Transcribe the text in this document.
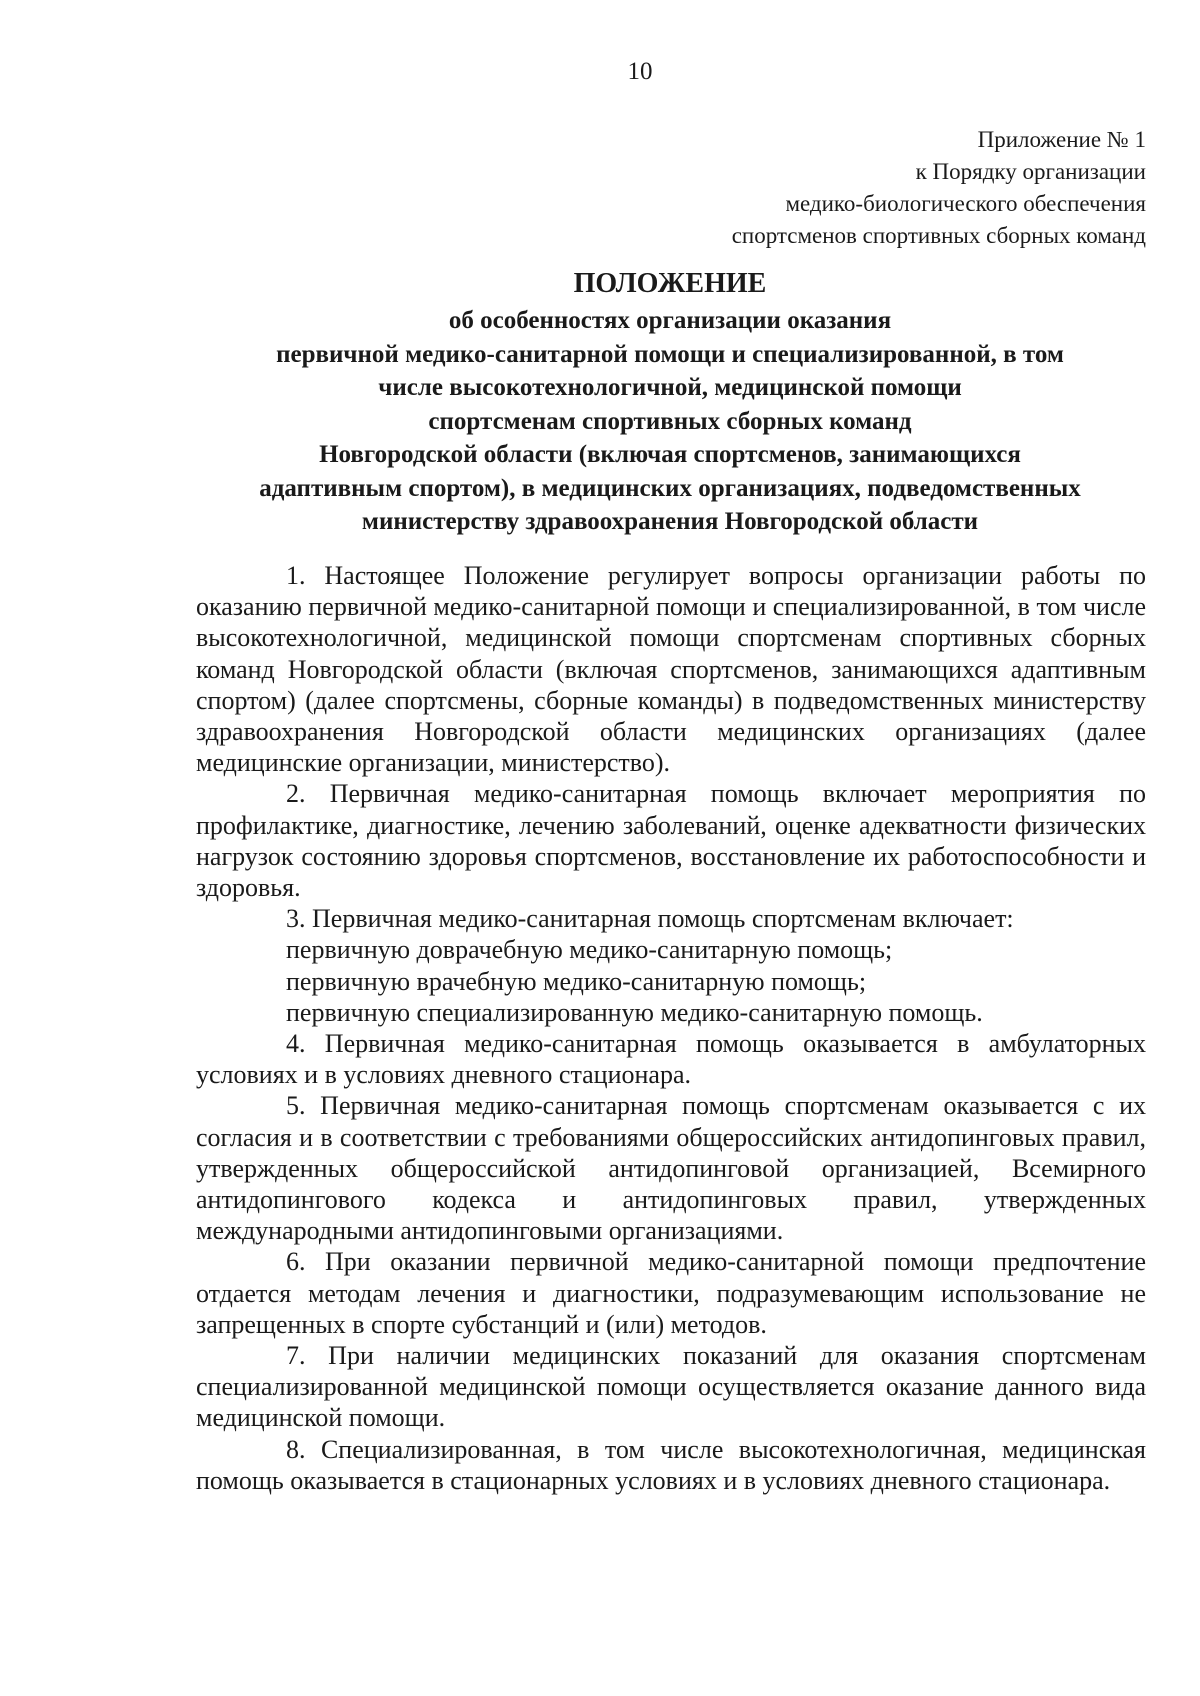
10
Приложение № 1
к Порядку организации
медико-биологического обеспечения
спортсменов спортивных сборных команд
ПОЛОЖЕНИЕ
об особенностях организации оказания
первичной медико-санитарной помощи и специализированной, в том
числе высокотехнологичной, медицинской помощи
спортсменам спортивных сборных команд
Новгородской области (включая спортсменов, занимающихся
адаптивным спортом), в медицинских организациях, подведомственных
министерству здравоохранения Новгородской области

1. Настоящее Положение регулирует вопросы организации работы по оказанию первичной медико-санитарной помощи и специализированной, в том числе высокотехнологичной, медицинской помощи спортсменам спортивных сборных команд Новгородской области (включая спортсменов, занимающихся адаптивным спортом) (далее спортсмены, сборные команды) в подведомственных министерству здравоохранения Новгородской области медицинских организациях (далее медицинские организации, министерство).

2. Первичная медико-санитарная помощь включает мероприятия по профилактике, диагностике, лечению заболеваний, оценке адекватности физических нагрузок состоянию здоровья спортсменов, восстановление их работоспособности и здоровья.

3. Первичная медико-санитарная помощь спортсменам включает:

первичную доврачебную медико-санитарную помощь;

первичную врачебную медико-санитарную помощь;

первичную специализированную медико-санитарную помощь.

4. Первичная медико-санитарная помощь оказывается в амбулаторных условиях и в условиях дневного стационара.

5. Первичная медико-санитарная помощь спортсменам оказывается с их согласия и в соответствии с требованиями общероссийских антидопинговых правил, утвержденных общероссийской антидопинговой организацией, Всемирного антидопингового кодекса и антидопинговых правил, утвержденных международными антидопинговыми организациями.

6. При оказании первичной медико-санитарной помощи предпочтение отдается методам лечения и диагностики, подразумевающим использование не запрещенных в спорте субстанций и (или) методов.

7. При наличии медицинских показаний для оказания спортсменам специализированной медицинской помощи осуществляется оказание данного вида медицинской помощи.

8. Специализированная, в том числе высокотехнологичная, медицинская помощь оказывается в стационарных условиях и в условиях дневного стационара.
